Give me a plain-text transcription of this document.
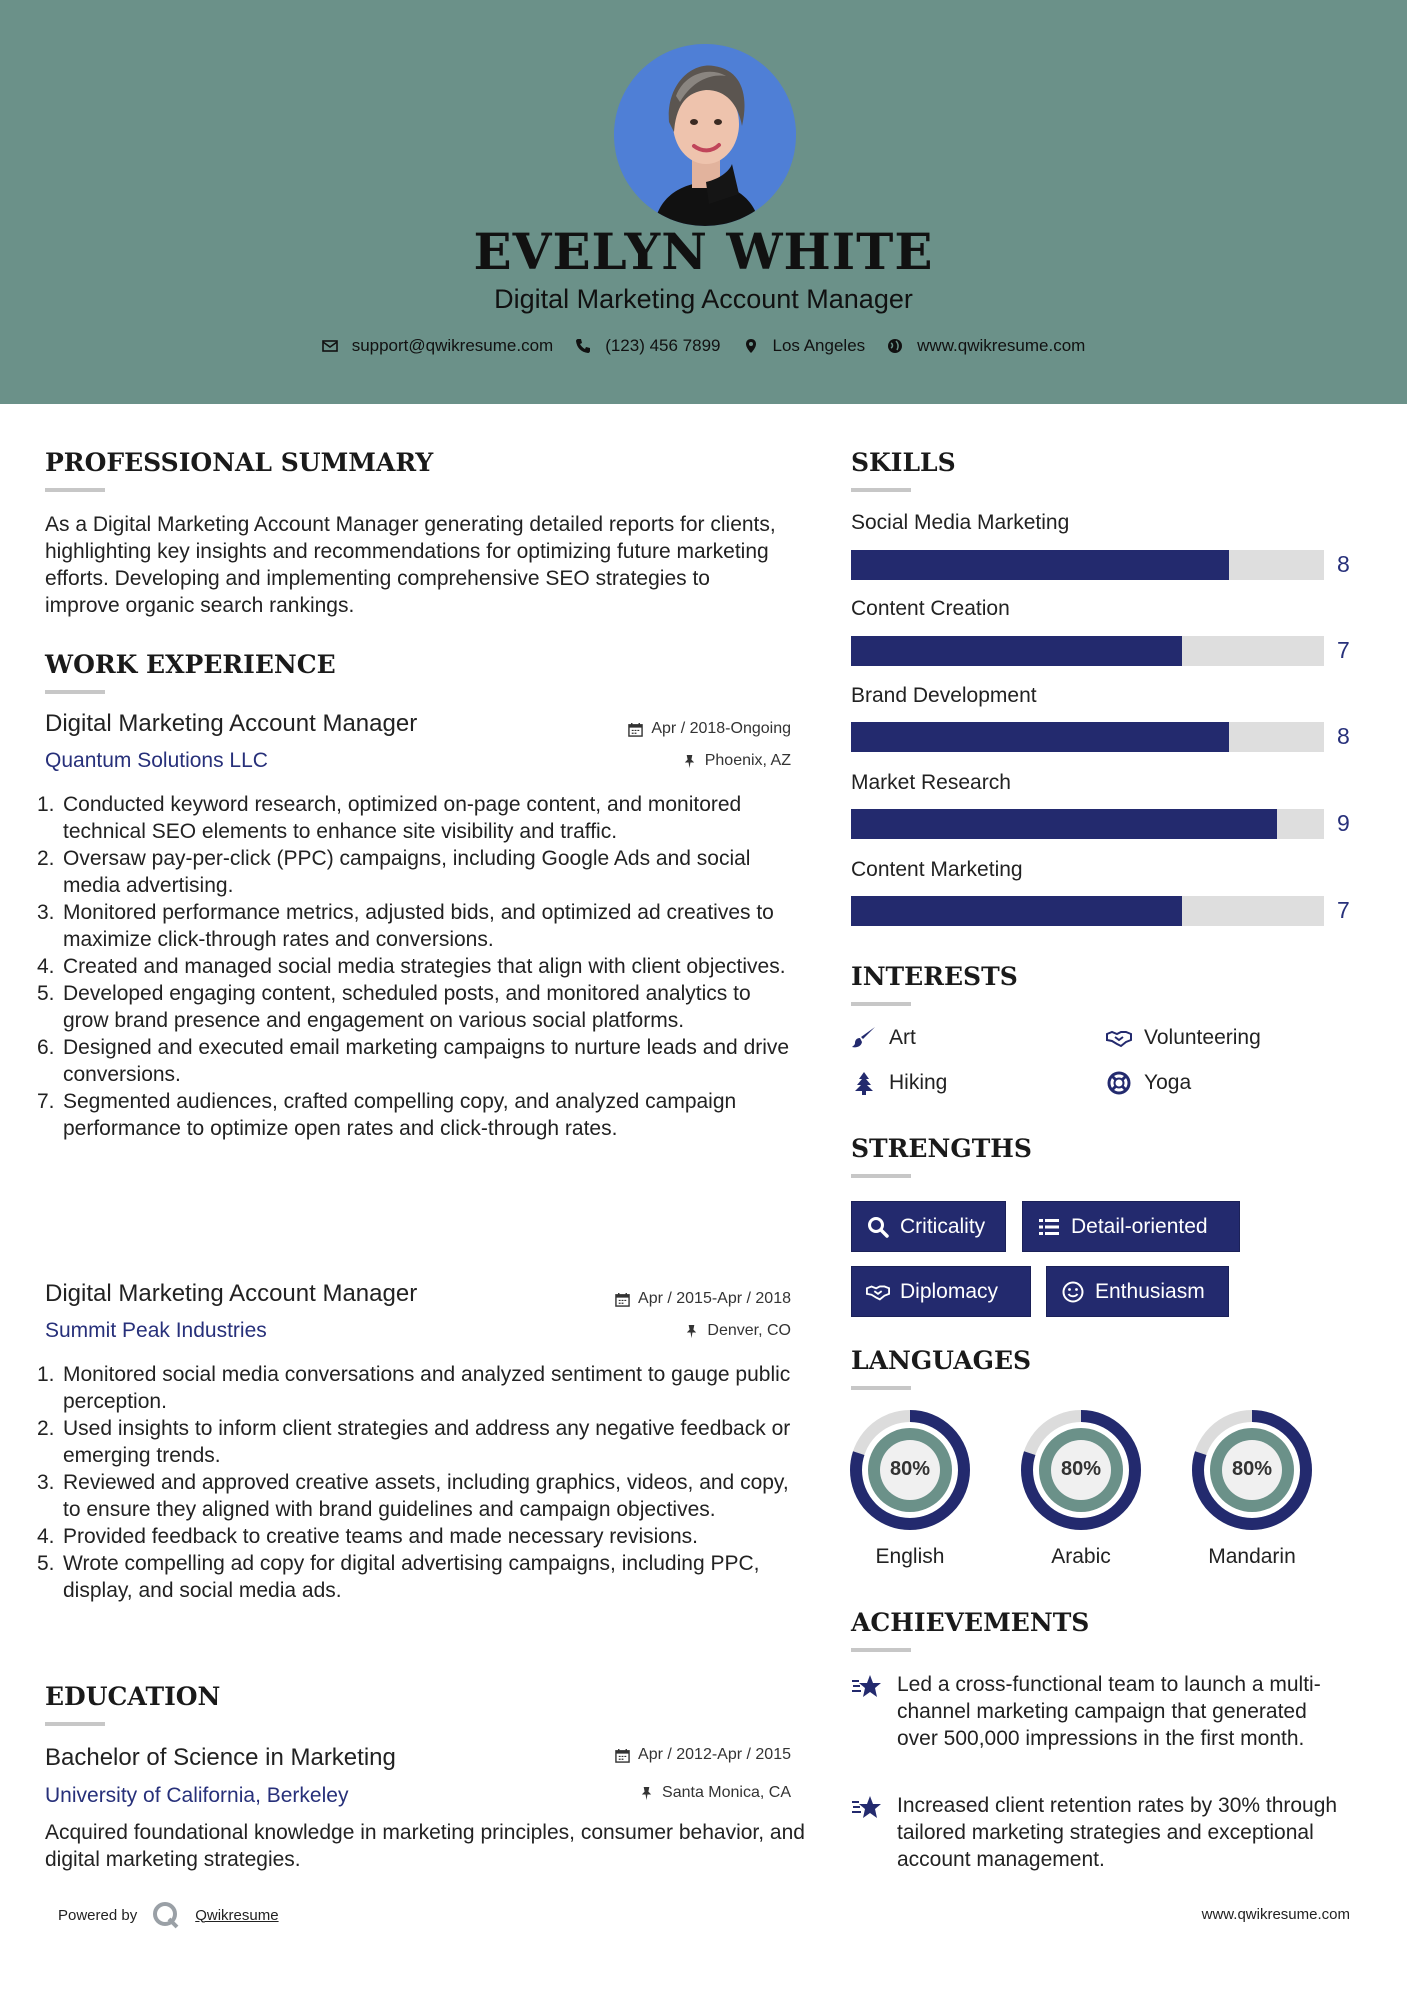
EVELYN WHITE
Digital Marketing Account Manager
support@qwikresume.com	(123) 456 7899	Los Angeles	www.qwikresume.com
PROFESSIONAL SUMMARY
As a Digital Marketing Account Manager generating detailed reports for clients, highlighting key insights and recommendations for optimizing future marketing efforts. Developing and implementing comprehensive SEO strategies to improve organic search rankings.
WORK EXPERIENCE
Digital Marketing Account Manager	Apr / 2018-Ongoing
Quantum Solutions LLC	Phoenix, AZ
1. Conducted keyword research, optimized on-page content, and monitored technical SEO elements to enhance site visibility and traffic.
2. Oversaw pay-per-click (PPC) campaigns, including Google Ads and social media advertising.
3. Monitored performance metrics, adjusted bids, and optimized ad creatives to maximize click-through rates and conversions.
4. Created and managed social media strategies that align with client objectives.
5. Developed engaging content, scheduled posts, and monitored analytics to grow brand presence and engagement on various social platforms.
6. Designed and executed email marketing campaigns to nurture leads and drive conversions.
7. Segmented audiences, crafted compelling copy, and analyzed campaign performance to optimize open rates and click-through rates.
Digital Marketing Account Manager	Apr / 2015-Apr / 2018
Summit Peak Industries	Denver, CO
1. Monitored social media conversations and analyzed sentiment to gauge public perception.
2. Used insights to inform client strategies and address any negative feedback or emerging trends.
3. Reviewed and approved creative assets, including graphics, videos, and copy, to ensure they aligned with brand guidelines and campaign objectives.
4. Provided feedback to creative teams and made necessary revisions.
5. Wrote compelling ad copy for digital advertising campaigns, including PPC, display, and social media ads.
EDUCATION
Bachelor of Science in Marketing	Apr / 2012-Apr / 2015
University of California, Berkeley	Santa Monica, CA
Acquired foundational knowledge in marketing principles, consumer behavior, and digital marketing strategies.
SKILLS
Social Media Marketing
8
Content Creation
7
Brand Development
8
Market Research
9
Content Marketing
7
INTERESTS
Art	Volunteering
Hiking	Yoga
STRENGTHS
Criticality	Detail-oriented
Diplomacy	Enthusiasm
LANGUAGES
80%
English
80%
Arabic
80%
Mandarin
ACHIEVEMENTS
Led a cross-functional team to launch a multi-channel marketing campaign that generated over 500,000 impressions in the first month.
Increased client retention rates by 30% through tailored marketing strategies and exceptional account management.
Powered by	Qwikresume	www.qwikresume.com
